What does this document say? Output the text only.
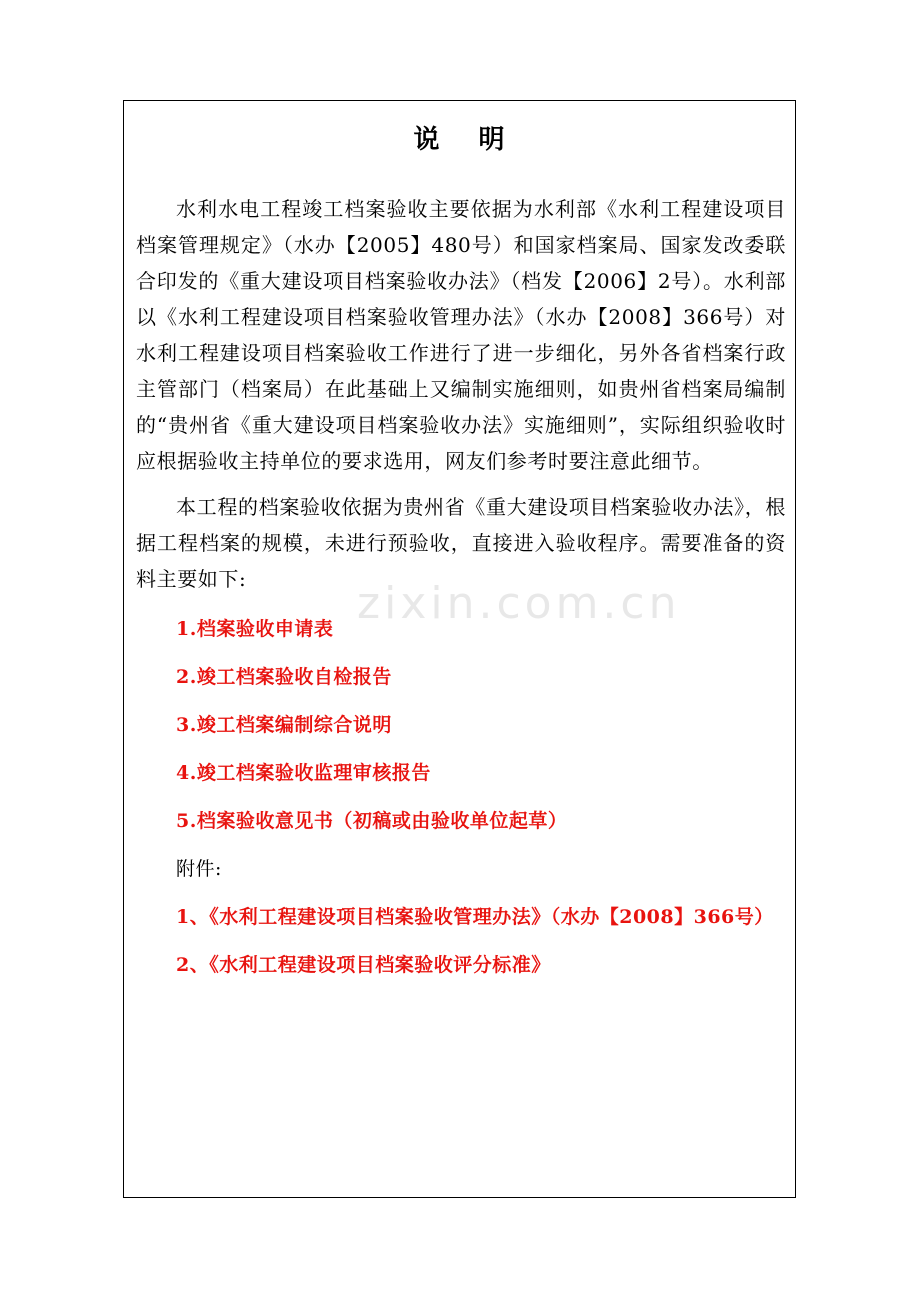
说 明

水利水电工程竣工档案验收主要依据为水利部《水利工程建设项目档案管理规定》（水办【2005】480号）和国家档案局、国家发改委联合印发的《重大建设项目档案验收办法》（档发【2006】2号）。水利部以《水利工程建设项目档案验收管理办法》（水办【2008】366号）对水利工程建设项目档案验收工作进行了进一步细化，另外各省档案行政主管部门（档案局）在此基础上又编制实施细则，如贵州省档案局编制的“贵州省《重大建设项目档案验收办法》实施细则”，实际组织验收时应根据验收主持单位的要求选用，网友们参考时要注意此细节。

本工程的档案验收依据为贵州省《重大建设项目档案验收办法》，根据工程档案的规模，未进行预验收，直接进入验收程序。需要准备的资料主要如下:

1.档案验收申请表
2.竣工档案验收自检报告
3.竣工档案编制综合说明
4.竣工档案验收监理审核报告
5.档案验收意见书（初稿或由验收单位起草）
附件:
1、《水利工程建设项目档案验收管理办法》（水办【2008】366号）
2、《水利工程建设项目档案验收评分标准》
zixin.com.cn
